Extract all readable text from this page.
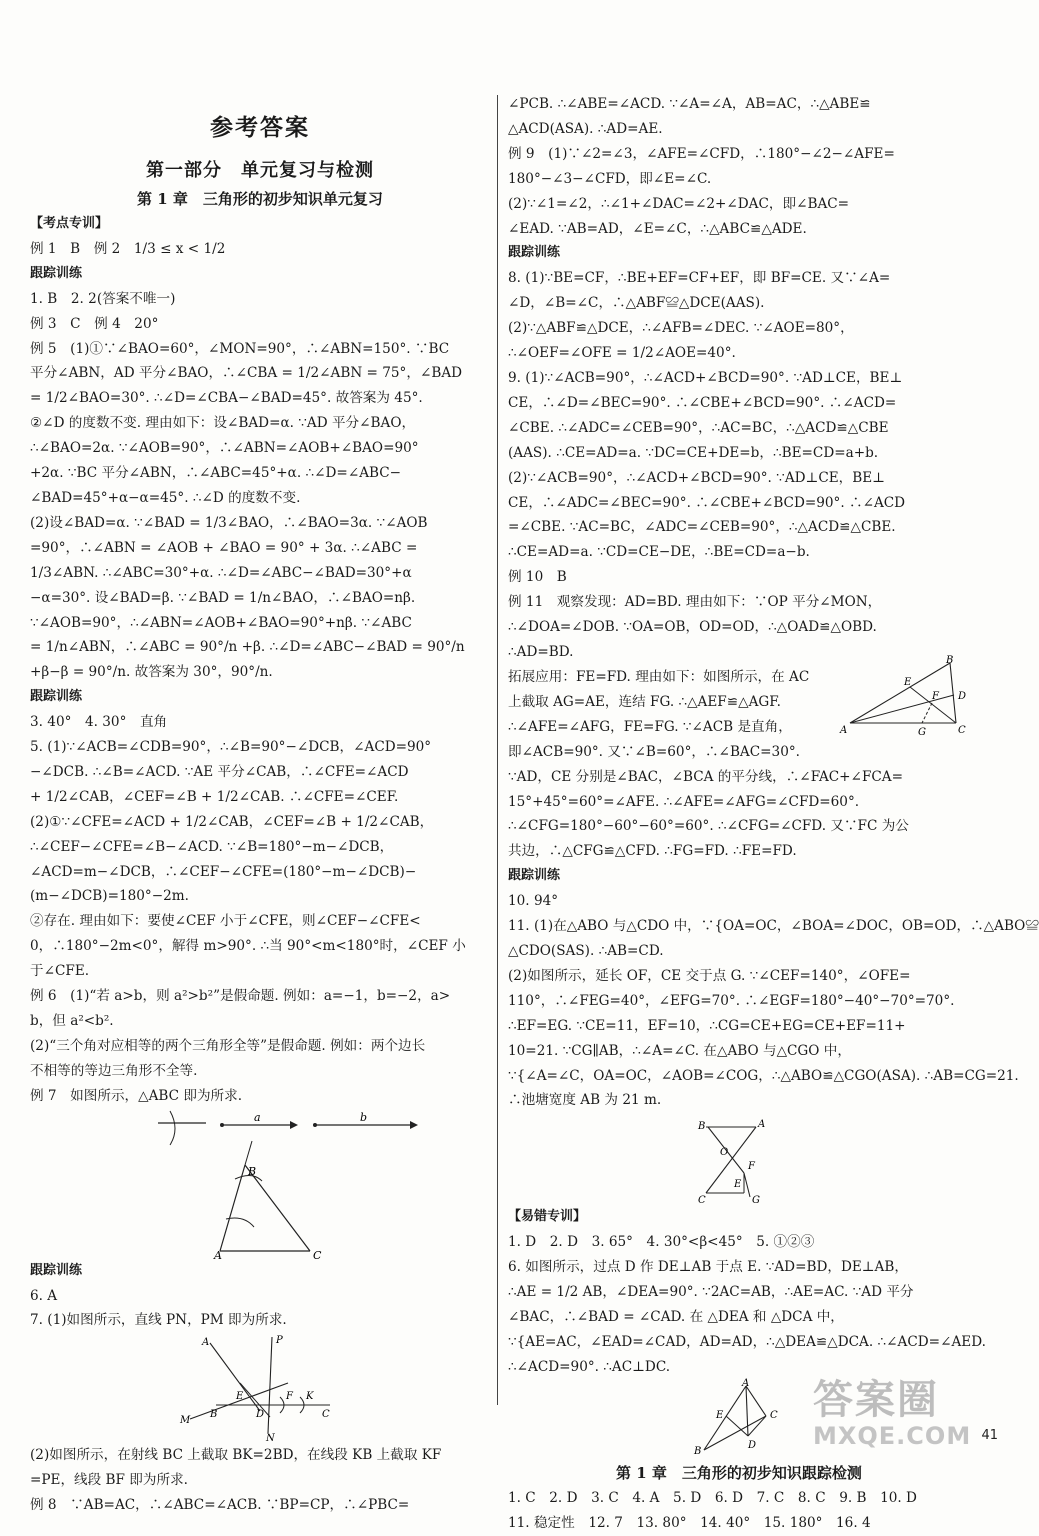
参考答案
第一部分　单元复习与检测
第 1 章　三角形的初步知识单元复习
【考点专训】
例 1　B　例 2　1/3 ≤ x < 1/2
跟踪训练
1. B　2. 2(答案不唯一)
例 3　C　例 4　20°
例 5　(1)①∵∠BAO=60°，∠MON=90°，∴∠ABN=150°. ∵BC
平分∠ABN，AD 平分∠BAO，∴∠CBA = 1/2∠ABN = 75°，∠BAD
= 1/2∠BAO=30°. ∴∠D=∠CBA−∠BAD=45°. 故答案为 45°.
②∠D 的度数不变. 理由如下：设∠BAD=α. ∵AD 平分∠BAO，
∴∠BAO=2α. ∵∠AOB=90°，∴∠ABN=∠AOB+∠BAO=90°
+2α. ∵BC 平分∠ABN，∴∠ABC=45°+α. ∴∠D=∠ABC−
∠BAD=45°+α−α=45°. ∴∠D 的度数不变.
(2)设∠BAD=α. ∵∠BAD = 1/3∠BAO，∴∠BAO=3α. ∵∠AOB
=90°，∴∠ABN = ∠AOB + ∠BAO = 90° + 3α. ∴∠ABC =
1/3∠ABN. ∴∠ABC=30°+α. ∴∠D=∠ABC−∠BAD=30°+α
−α=30°. 设∠BAD=β. ∵∠BAD = 1/n∠BAO，∴∠BAO=nβ.
∵∠AOB=90°，∴∠ABN=∠AOB+∠BAO=90°+nβ. ∵∠ABC
= 1/n∠ABN，∴∠ABC = 90°/n +β. ∴∠D=∠ABC−∠BAD = 90°/n
+β−β = 90°/n. 故答案为 30°，90°/n.
跟踪训练
3. 40°　4. 30°　直角
5. (1)∵∠ACB=∠CDB=90°，∴∠B=90°−∠DCB，∠ACD=90°
−∠DCB. ∴∠B=∠ACD. ∵AE 平分∠CAB，∴∠CFE=∠ACD
+ 1/2∠CAB，∠CEF=∠B + 1/2∠CAB. ∴∠CFE=∠CEF.
(2)①∵∠CFE=∠ACD + 1/2∠CAB，∠CEF=∠B + 1/2∠CAB，
∴∠CEF−∠CFE=∠B−∠ACD. ∵∠B=180°−m−∠DCB，
∠ACD=m−∠DCB，∴∠CEF−∠CFE=(180°−m−∠DCB)−
(m−∠DCB)=180°−2m.
②存在. 理由如下：要使∠CEF 小于∠CFE，则∠CEF−∠CFE<
0，∴180°−2m<0°，解得 m>90°. ∴当 90°<m<180°时，∠CEF 小
于∠CFE.
例 6　(1)“若 a>b，则 a²>b²”是假命题. 例如：a=−1，b=−2，a>
b，但 a²<b².
(2)“三个角对应相等的两个三角形全等”是假命题. 例如：两个边长
不相等的等边三角形不全等.
例 7　如图所示，△ABC 即为所求.
a	b
B
A	C
跟踪训练
6. A
7. (1)如图所示，直线 PN，PM 即为所求.
A	P
K
M
B
E	F
C
D
N
(2)如图所示，在射线 BC 上截取 BK=2BD，在线段 KB 上截取 KF
=PE，线段 BF 即为所求.
例 8　∵AB=AC，∴∠ABC=∠ACB. ∵BP=CP，∴∠PBC=
∠PCB. ∴∠ABE=∠ACD. ∵∠A=∠A，AB=AC，∴△ABE≌
△ACD(ASA). ∴AD=AE.
例 9　(1)∵∠2=∠3，∠AFE=∠CFD，∴180°−∠2−∠AFE=
180°−∠3−∠CFD，即∠E=∠C.
(2)∵∠1=∠2，∴∠1+∠DAC=∠2+∠DAC，即∠BAC=
∠EAD. ∵AB=AD，∠E=∠C，∴△ABC≌△ADE.
跟踪训练
8. (1)∵BE=CF，∴BE+EF=CF+EF，即 BF=CE. 又∵∠A=
∠D，∠B=∠C，∴△ABF≌△DCE(AAS).
(2)∵△ABF≌△DCE，∴∠AFB=∠DEC. ∵∠AOE=80°，
∴∠OEF=∠OFE = 1/2∠AOE=40°.
9. (1)∵∠ACB=90°，∴∠ACD+∠BCD=90°. ∵AD⊥CE，BE⊥
CE，∴∠D=∠BEC=90°. ∴∠CBE+∠BCD=90°. ∴∠ACD=
∠CBE. ∴∠ADC=∠CEB=90°，∴AC=BC，∴△ACD≌△CBE
(AAS). ∴CE=AD=a. ∵DC=CE+DE=b，∴BE=CD=a+b.
(2)∵∠ACB=90°，∴∠ACD+∠BCD=90°. ∵AD⊥CE，BE⊥
CE，∴∠ADC=∠BEC=90°. ∴∠CBE+∠BCD=90°. ∴∠ACD
=∠CBE. ∵AC=BC，∠ADC=∠CEB=90°，∴△ACD≌△CBE.
∴CE=AD=a. ∵CD=CE−DE，∴BE=CD=a−b.
例 10　B
例 11　观察发现：AD=BD. 理由如下：∵OP 平分∠MON，
∴∠DOA=∠DOB. ∵OA=OB，OD=OD，∴△OAD≌△OBD.
∴AD=BD.
拓展应用：FE=FD. 理由如下：如图所示，在 AC
上截取 AG=AE，连结 FG. ∴△AEF≌△AGF.
B
E
F D
A	G	C
∴∠AFE=∠AFG，FE=FG. ∵∠ACB 是直角，
即∠ACB=90°. 又∵∠B=60°，∴∠BAC=30°.
∵AD，CE 分别是∠BAC，∠BCA 的平分线，∴∠FAC+∠FCA=
15°+45°=60°=∠AFE. ∴∠AFE=∠AFG=∠CFD=60°.
∴∠CFG=180°−60°−60°=60°. ∴∠CFG=∠CFD. 又∵FC 为公
共边，∴△CFG≌△CFD. ∴FG=FD. ∴FE=FD.
跟踪训练
10. 94°
11. (1)在△ABO 与△CDO 中，∵{OA=OC，∠BOA=∠DOC，OB=OD，∴△ABO≌
△CDO(SAS). ∴AB=CD.
(2)如图所示，延长 OF，CE 交于点 G. ∵∠CEF=140°，∠OFE=
110°，∴∠FEG=40°，∠EFG=70°. ∴∠EGF=180°−40°−70°=70°.
∴EF=EG. ∵CE=11，EF=10，∴CG=CE+EG=CE+EF=11+
10=21. ∵CG∥AB，∴∠A=∠C. 在△ABO 与△CGO 中，
∵{∠A=∠C，OA=OC，∠AOB=∠COG，∴△ABO≌△CGO(ASA). ∴AB=CG=21.
∴池塘宽度 AB 为 21 m.
B	A
O
F
E
C	G
【易错专训】
1. D　2. D　3. 65°　4. 30°<β<45°　5. ①②③
6. 如图所示，过点 D 作 DE⊥AB 于点 E. ∵AD=BD，DE⊥AB，
∴AE = 1/2 AB，∠DEA=90°. ∵2AC=AB，∴AE=AC. ∵AD 平分
∠BAC，∴∠BAD = ∠CAD. 在 △DEA 和 △DCA 中，
∵{AE=AC，∠EAD=∠CAD，AD=AD，∴△DEA≌△DCA. ∴∠ACD=∠AED.
∴∠ACD=90°. ∴AC⊥DC.
A
E	C
B
D
第 1 章　三角形的初步知识跟踪检测
1. C　2. D　3. C　4. A　5. D　6. D　7. C　8. C　9. B　10. D
11. 稳定性　12. 7　13. 80°　14. 40°　15. 180°　16. 4
答案圈
MXQE.COM 41
